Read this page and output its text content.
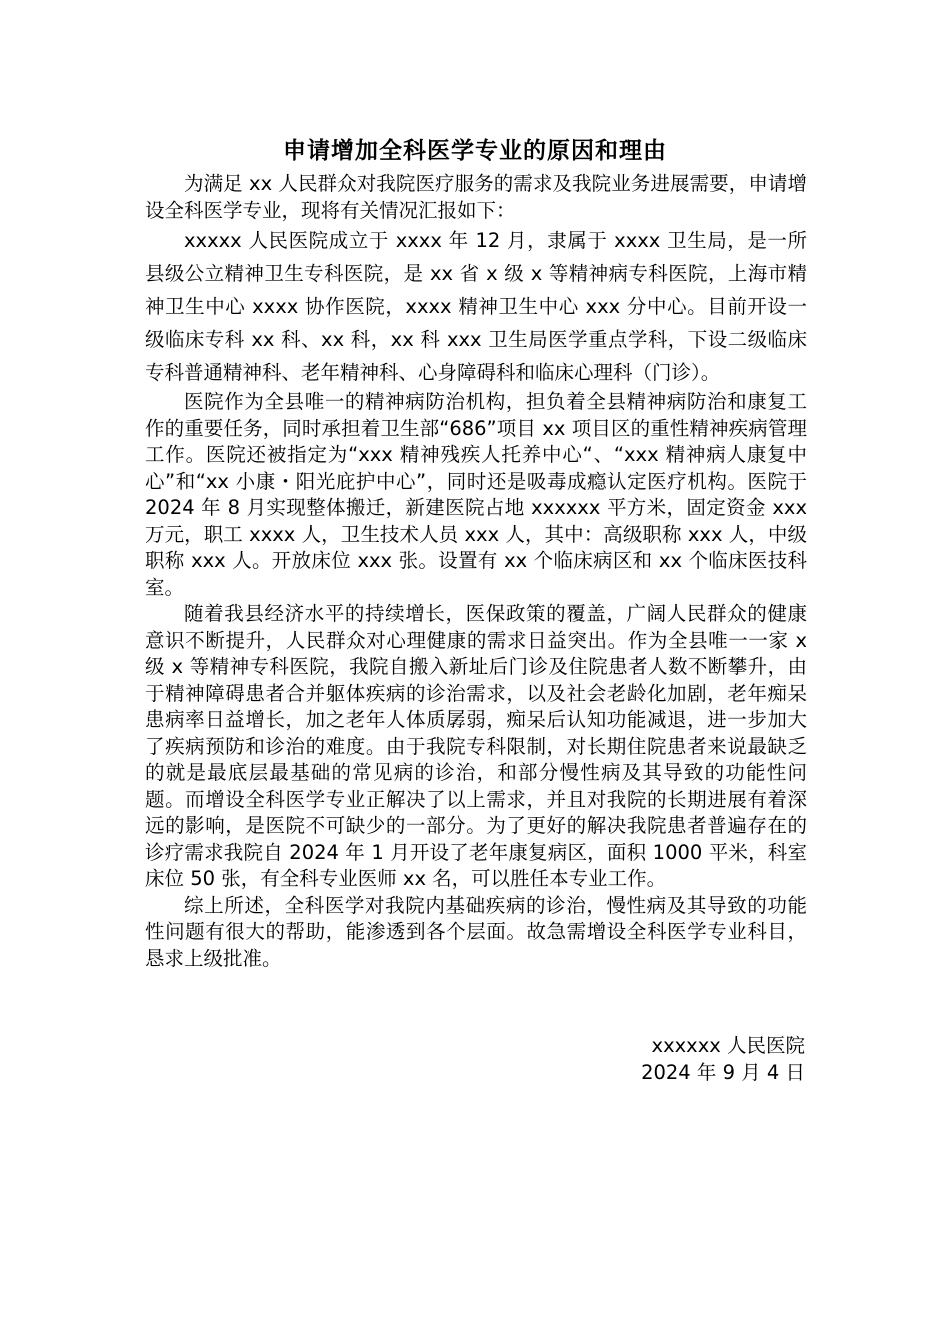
申请增加全科医学专业的原因和理由

为满足 xx 人民群众对我院医疗服务的需求及我院业务进展需要，申请增设全科医学专业，现将有关情况汇报如下：

xxxxx 人民医院成立于 xxxx 年 12 月，隶属于 xxxx 卫生局，是一所县级公立精神卫生专科医院，是 xx 省 x 级 x 等精神病专科医院，上海市精神卫生中心 xxxx 协作医院，xxxx 精神卫生中心 xxx 分中心。目前开设一级临床专科 xx 科、xx 科，xx 科 xxx 卫生局医学重点学科，下设二级临床专科普通精神科、老年精神科、心身障碍科和临床心理科（门诊）。

医院作为全县唯一的精神病防治机构，担负着全县精神病防治和康复工作的重要任务，同时承担着卫生部“686”项目 xx 项目区的重性精神疾病管理工作。医院还被指定为“xxx 精神残疾人托养中心“、“xxx 精神病人康复中心”和“xx 小康・阳光庇护中心”，同时还是吸毒成瘾认定医疗机构。医院于 2024 年 8 月实现整体搬迁，新建医院占地 xxxxxx 平方米，固定资金 xxx 万元，职工 xxxx 人，卫生技术人员 xxx 人，其中：高级职称 xxx 人，中级职称 xxx 人。开放床位 xxx 张。设置有 xx 个临床病区和 xx 个临床医技科室。

随着我县经济水平的持续增长，医保政策的覆盖，广阔人民群众的健康意识不断提升，人民群众对心理健康的需求日益突出。作为全县唯一一家 x 级 x 等精神专科医院，我院自搬入新址后门诊及住院患者人数不断攀升，由于精神障碍患者合并躯体疾病的诊治需求，以及社会老龄化加剧，老年痴呆患病率日益增长，加之老年人体质孱弱，痴呆后认知功能减退，进一步加大了疾病预防和诊治的难度。由于我院专科限制，对长期住院患者来说最缺乏的就是最底层最基础的常见病的诊治，和部分慢性病及其导致的功能性问题。而增设全科医学专业正解决了以上需求，并且对我院的长期进展有着深远的影响，是医院不可缺少的一部分。为了更好的解决我院患者普遍存在的诊疗需求我院自 2024 年 1 月开设了老年康复病区，面积 1000 平米，科室床位 50 张，有全科专业医师 xx 名，可以胜任本专业工作。

综上所述，全科医学对我院内基础疾病的诊治，慢性病及其导致的功能性问题有很大的帮助，能渗透到各个层面。故急需增设全科医学专业科目，恳求上级批准。

xxxxxx 人民医院
2024 年 9 月 4 日
